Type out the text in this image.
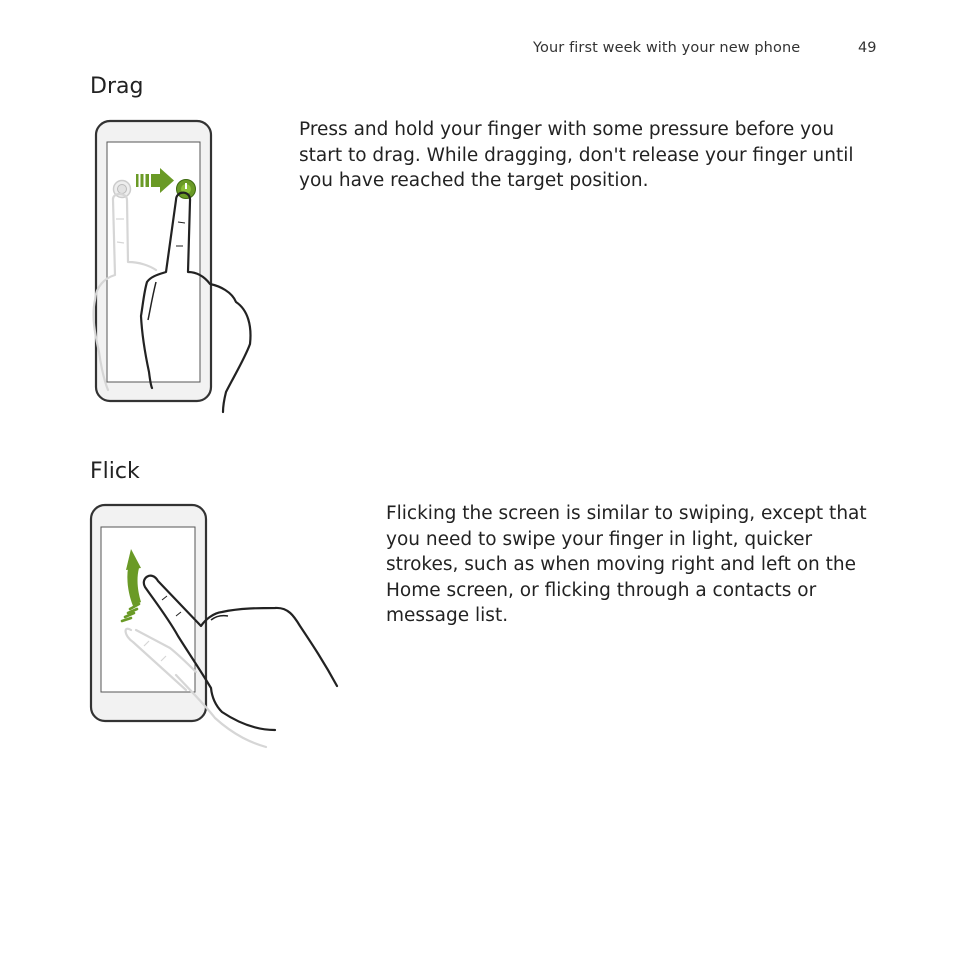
Your first week with your new phone	49
Drag

Press and hold your finger with some pressure before you start to drag. While dragging, don't release your finger until you have reached the target position.

Flick

Flicking the screen is similar to swiping, except that you need to swipe your finger in light, quicker strokes, such as when moving right and left on the Home screen, or flicking through a contacts or message list.
